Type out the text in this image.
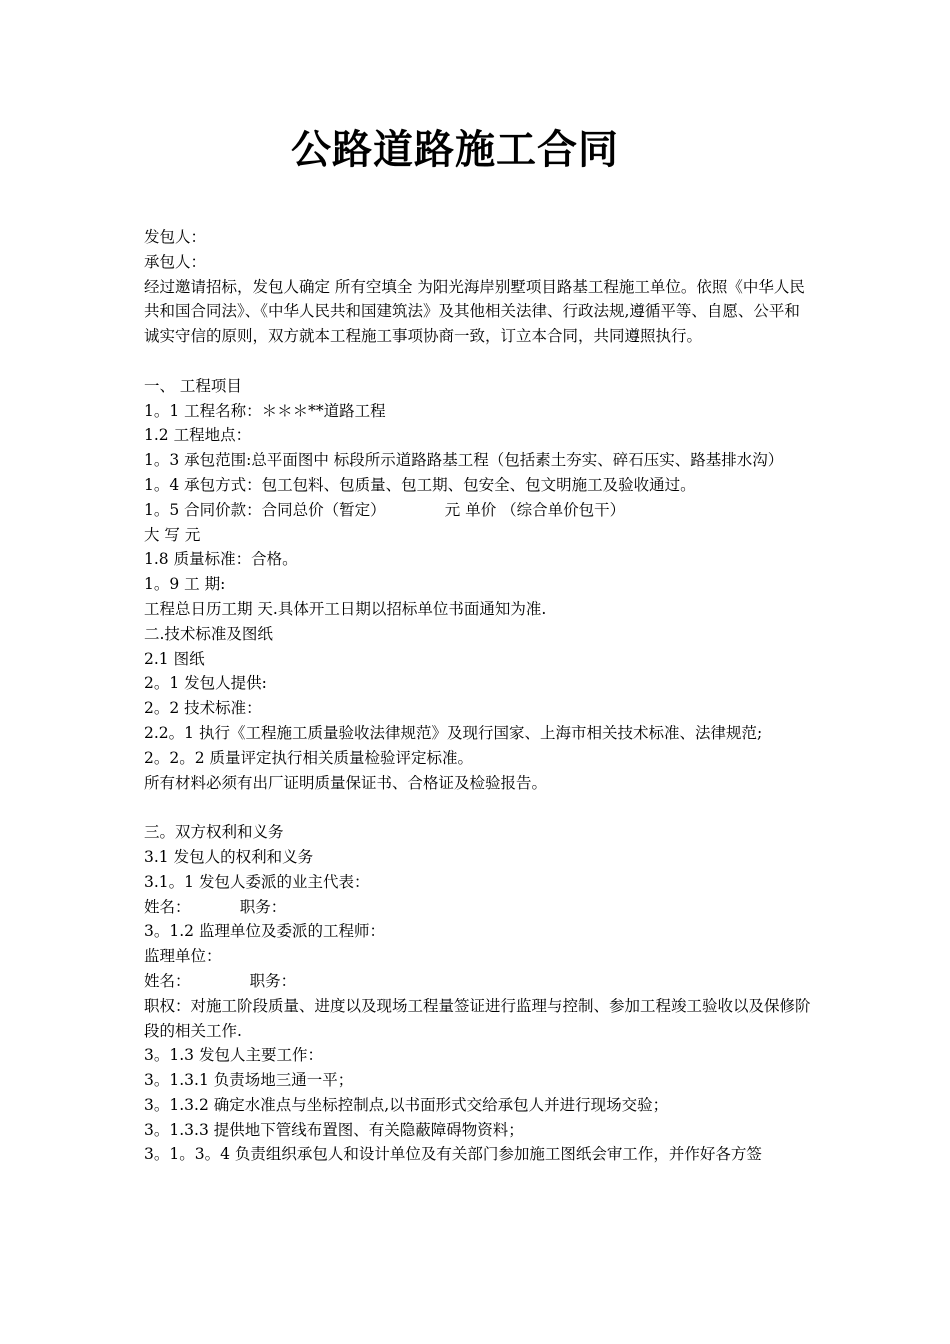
公路道路施工合同

发包人：

承包人：

经过邀请招标，发包人确定 所有空填全 为阳光海岸别墅项目路基工程施工单位。依照《中华人民共和国合同法》、《中华人民共和国建筑法》及其他相关法律、行政法规,遵循平等、自愿、公平和诚实守信的原则，双方就本工程施工事项协商一致，订立本合同，共同遵照执行。

一、 工程项目

1。1 工程名称：＊＊＊**道路工程

1.2 工程地点：

1。3 承包范围:总平面图中 标段所示道路路基工程（包括素土夯实、碎石压实、路基排水沟）

1。4 承包方式：包工包料、包质量、包工期、包安全、包文明施工及验收通过。

1。5 合同价款：合同总价（暂定）            元 单价 （综合单价包干）

大 写 元

1.8 质量标准：合格。

1。9 工 期:

工程总日历工期 天.具体开工日期以招标单位书面通知为准.

二.技术标准及图纸

2.1 图纸

2。1 发包人提供:

2。2 技术标准：

2.2。1 执行《工程施工质量验收法律规范》及现行国家、上海市相关技术标准、法律规范;

2。2。2 质量评定执行相关质量检验评定标准。

所有材料必须有出厂证明质量保证书、合格证及检验报告。

三。双方权利和义务

3.1 发包人的权利和义务

3.1。1 发包人委派的业主代表：

姓名：          职务：

3。1.2 监理单位及委派的工程师：

监理单位：

姓名：            职务：

职权：对施工阶段质量、进度以及现场工程量签证进行监理与控制、参加工程竣工验收以及保修阶段的相关工作.

3。1.3 发包人主要工作：

3。1.3.1 负责场地三通一平；

3。1.3.2 确定水准点与坐标控制点,以书面形式交给承包人并进行现场交验；

3。1.3.3 提供地下管线布置图、有关隐蔽障碍物资料；

3。1。3。4 负责组织承包人和设计单位及有关部门参加施工图纸会审工作，并作好各方签
